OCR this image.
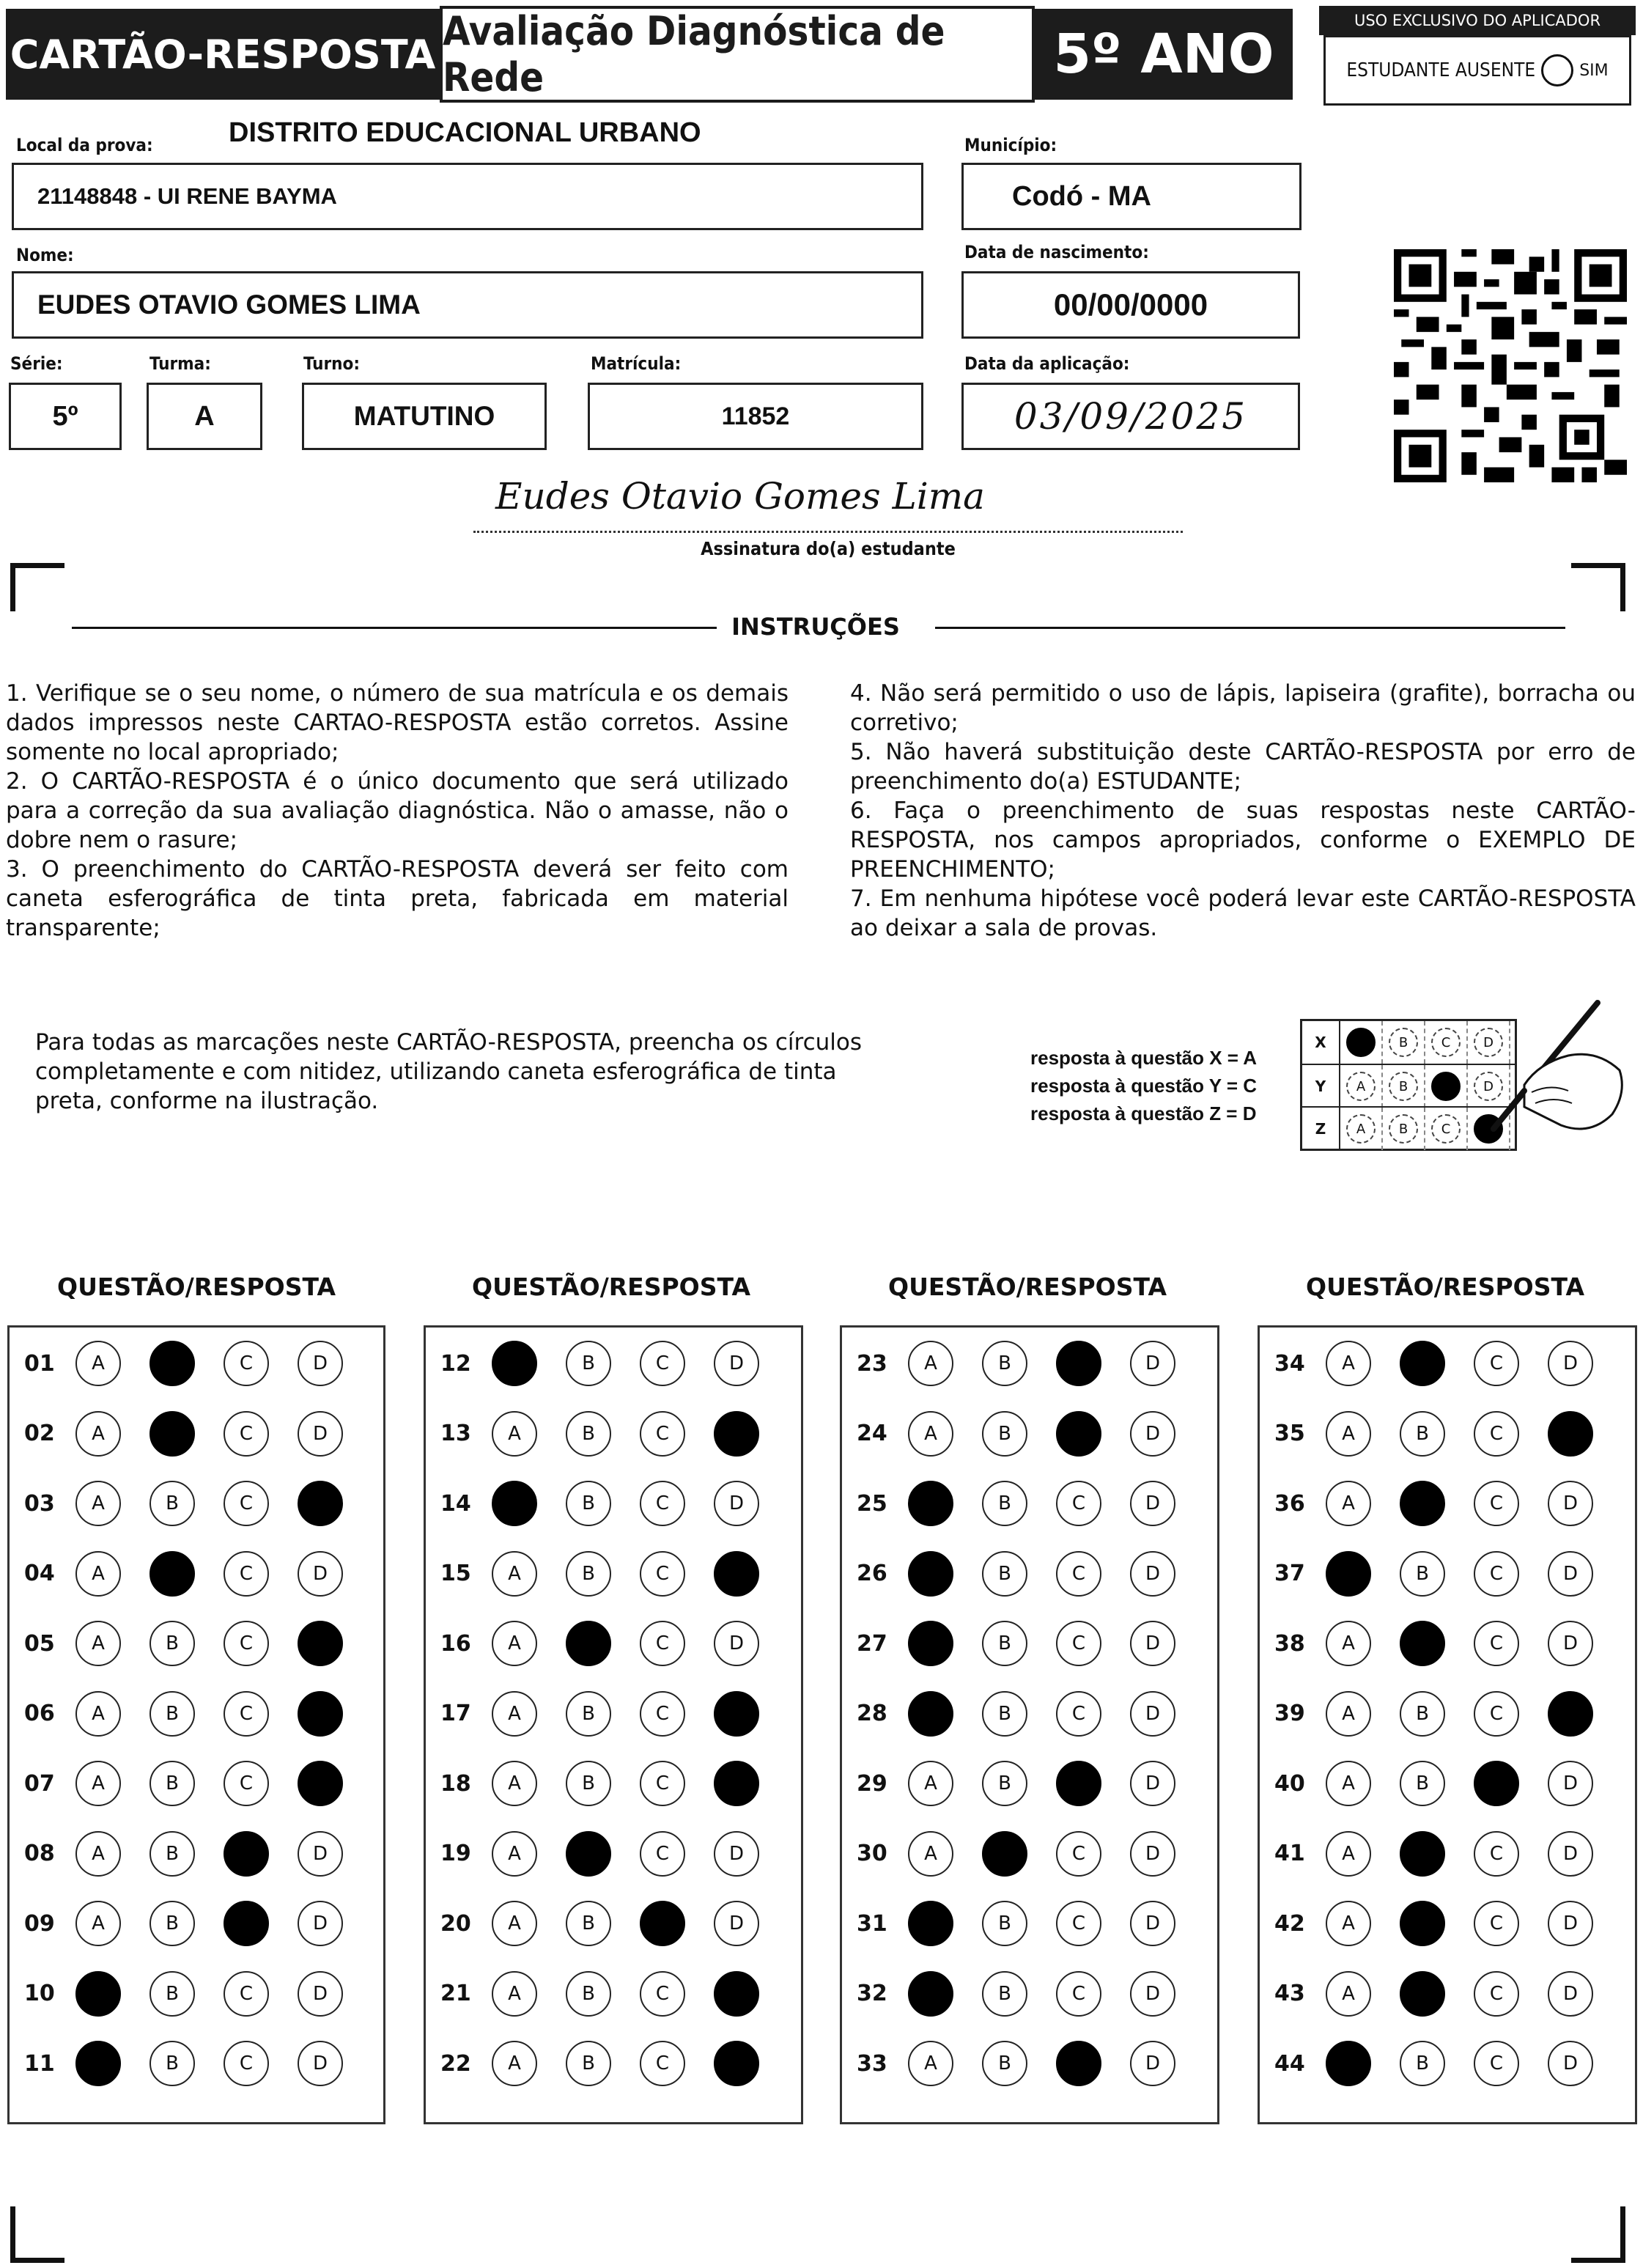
CARTÃO-RESPOSTA Avaliação Diagnóstica de Rede	5º ANO
USO EXCLUSIVO DO APLICADOR
ESTUDANTE AUSENTE	SIM
Local da prova:	DISTRITO EDUCACIONAL URBANO
21148848 - UI RENE BAYMA
Município:
Codó - MA
Nome:
EUDES OTAVIO GOMES LIMA
Data de nascimento:
00/00/0000
Série:
5º
Turma:
A
Turno:
MATUTINO
Matrícula:
11852
Data da aplicação:
03/09/2025
Eudes Otavio Gomes Lima
Assinatura do(a) estudante
INSTRUÇÕES

1. Verifique se o seu nome, o número de sua matrícula e os demais dados impressos neste CARTAO-RESPOSTA estão corretos. Assine somente no local apropriado;

2. O CARTÃO-RESPOSTA é o único documento que será utilizado para a correção da sua avaliação diagnóstica. Não o amasse, não o dobre nem o rasure;

3. O preenchimento do CARTÃO-RESPOSTA deverá ser feito com caneta esferográfica de tinta preta, fabricada em material transparente;

4. Não será permitido o uso de lápis, lapiseira (grafite), borracha ou corretivo;

5. Não haverá substituição deste CARTÃO-RESPOSTA por erro de preenchimento do(a) ESTUDANTE;

6. Faça o preenchimento de suas respostas neste CARTÃO-RESPOSTA, nos campos apropriados, conforme o EXEMPLO DE PREENCHIMENTO;

7. Em nenhuma hipótese você poderá levar este CARTÃO-RESPOSTA ao deixar a sala de provas.

Para todas as marcações neste CARTÃO-RESPOSTA, preencha os círculos completamente e com nitidez, utilizando caneta esferográfica de tinta preta, conforme na ilustração.
resposta à questão X = A
resposta à questão Y = C
resposta à questão Z = D
X	A	B	C	D
Y	A	B	C	D
Z	A	B	C	D
QUESTÃO/RESPOSTA	QUESTÃO/RESPOSTA	QUESTÃO/RESPOSTA	QUESTÃO/RESPOSTA
01	A	B	C	D
02	A	B	C	D
03	A	B	C	D
04	A	B	C	D
05	A	B	C	D
06	A	B	C	D
07	A	B	C	D
08	A	B	C	D
09	A	B	C	D
10	A	B	C	D
11	A	B	C	D
12	A	B	C	D
13	A	B	C	D
14	A	B	C	D
15	A	B	C	D
16	A	B	C	D
17	A	B	C	D
18	A	B	C	D
19	A	B	C	D
20	A	B	C	D
21	A	B	C	D
22	A	B	C	D
23	A	B	C	D
24	A	B	C	D
25	A	B	C	D
26	A	B	C	D
27	A	B	C	D
28	A	B	C	D
29	A	B	C	D
30	A	B	C	D
31	A	B	C	D
32	A	B	C	D
33	A	B	C	D
34	A	B	C	D
35	A	B	C	D
36	A	B	C	D
37	A	B	C	D
38	A	B	C	D
39	A	B	C	D
40	A	B	C	D
41	A	B	C	D
42	A	B	C	D
43	A	B	C	D
44	A	B	C	D
